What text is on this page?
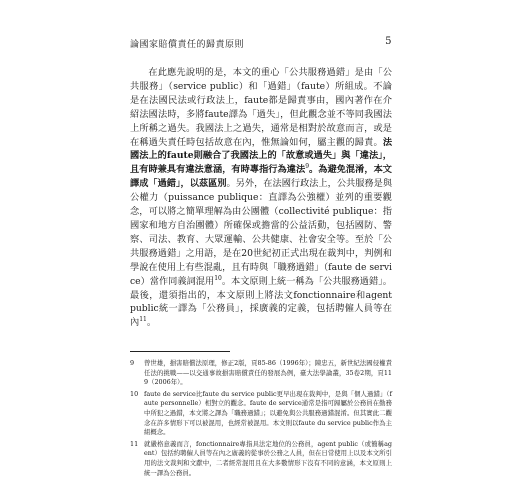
論國家賠償責任的歸責原則	5

在此應先說明的是，本文的重心「公共服務過錯」是由「公共服務」（service public）和「過錯」（faute）所組成。不論是在法國民法或行政法上，faute都是歸責事由，國內著作在介紹法國法時，多將faute譯為「過失」，但此觀念並不等同我國法上所稱之過失。我國法上之過失，通常是相對於故意而言，或是在稱過失責任時包括故意在內，惟無論如何，屬主觀的歸責。法國法上的faute則融合了我國法上的「故意或過失」與「違法」，且有時兼具有違法意涵，有時專指行為違法$^9$。為避免混淆，本文譯成「過錯」，以茲區別。另外，在法國行政法上，公共服務是與公權力（puissance publique：直譯為公強權）並列的重要觀念，可以將之簡單理解為由公團體（collectivité publique：指國家和地方自治團體）所確保或擔當的公益活動，包括國防、警察、司法、教育、大眾運輸、公共健康、社會安全等。至於「公共服務過錯」之用語，是在20世紀初正式出現在裁判中，判例和學說在使用上有些混亂，且有時與「職務過錯」（faute de service）當作同義詞混用$^{10}$。本文原則上統一稱為「公共服務過錯」。最後，還須指出的，本文原則上將法文fonctionnaire和agent public統一譯為「公務員」，採廣義的定義，包括聘僱人員等在內$^{11}$。

9	曾世雄，損害賠償法原理，修正2版，頁85-86（1996年）；陳忠五，新世紀法國侵權責任法的挑戰——以交通事故損害賠償責任的發展為例，臺大法學論叢，35卷2期，頁119（2006年）。
10 faute de service比faute du service public更早出現在裁判中，是與「個人過錯」（faute personnelle）相對立的觀念。faute de service通常是指可歸屬於公務員在勤務中所犯之過錯，本文將之譯為「職務過錯」；以避免與公共服務過錯混淆。但其實此二觀念在許多情形下可以被混用，也經常被混用。本文則以faute du service public作為主組概念。
11 就嚴格意義而言，fonctionnaire專指具法定地位的公務員，agent public（或簡稱agent）包括約聘僱人員等在內之廣義的從事於公務之人員，但在日常使用上以及本文所引用的法文裁判和文獻中，二者經常混用且在大多數情形下沒有不同的意涵，本文原則上統一譯為公務員。
